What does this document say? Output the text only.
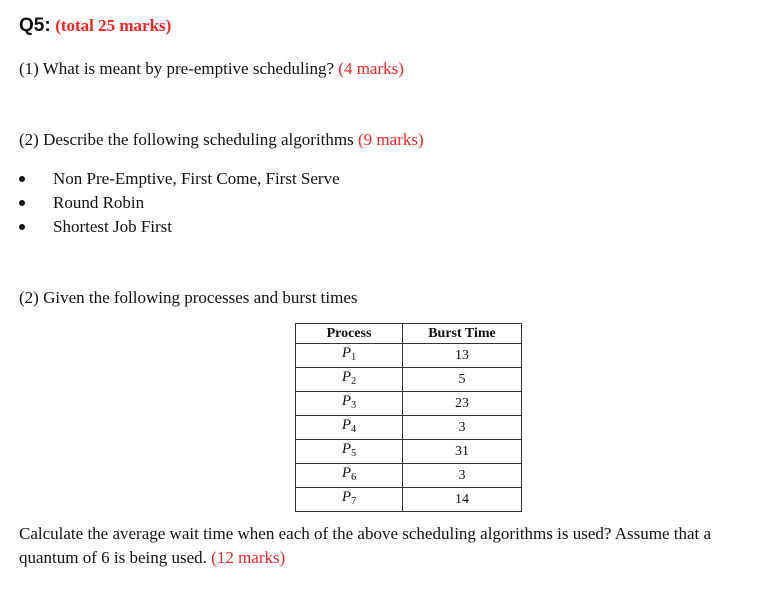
Q5: (total 25 marks)
(1) What is meant by pre-emptive scheduling? (4 marks)
(2) Describe the following scheduling algorithms (9 marks)
Non Pre-Emptive, First Come, First Serve
Round Robin
Shortest Job First
(2) Given the following processes and burst times
Process	Burst Time
$P_1$	13
$P_2$	5
$P_3$	23
$P_4$	3
$P_5$	31
$P_6$	3
$P_7$	14
Calculate the average wait time when each of the above scheduling algorithms is used? Assume that a quantum of 6 is being used. (12 marks)
